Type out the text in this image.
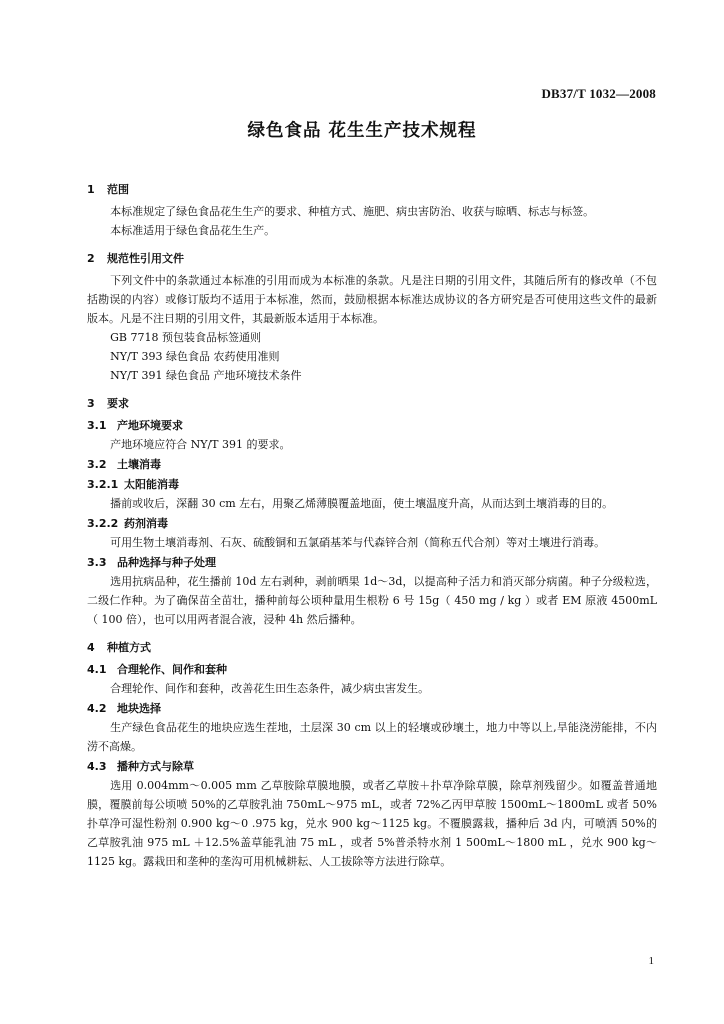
DB37/T 1032—2008
绿色食品 花生生产技术规程
1 范围

本标准规定了绿色食品花生生产的要求、种植方式、施肥、病虫害防治、收获与晾晒、标志与标签。

本标准适用于绿色食品花生生产。

2 规范性引用文件

下列文件中的条款通过本标准的引用而成为本标准的条款。凡是注日期的引用文件，其随后所有的修改单（不包括勘误的内容）或修订版均不适用于本标准，然而，鼓励根据本标准达成协议的各方研究是否可使用这些文件的最新版本。凡是不注日期的引用文件，其最新版本适用于本标准。

GB 7718 预包装食品标签通则

NY/T 393 绿色食品 农药使用准则

NY/T 391 绿色食品 产地环境技术条件

3 要求
3.1 产地环境要求

产地环境应符合 NY/T 391 的要求。

3.2 土壤消毒
3.2.1 太阳能消毒

播前或收后，深翻 30 cm 左右，用聚乙烯薄膜覆盖地面，使土壤温度升高，从而达到土壤消毒的目的。

3.2.2 药剂消毒

可用生物土壤消毒剂、石灰、硫酸铜和五氯硝基苯与代森锌合剂（简称五代合剂）等对土壤进行消毒。

3.3 品种选择与种子处理

选用抗病品种，花生播前 10d 左右剥种，剥前晒果 1d～3d，以提高种子活力和消灭部分病菌。种子分级粒选，二级仁作种。为了确保苗全苗壮，播种前每公顷种量用生根粉 6 号 15g（ 450 mg / kg ）或者 EM 原液 4500mL（ 100 倍），也可以用两者混合液，浸种 4h 然后播种。

4 种植方式
4.1 合理轮作、间作和套种

合理轮作、间作和套种，改善花生田生态条件，减少病虫害发生。

4.2 地块选择

生产绿色食品花生的地块应选生茬地，土层深 30 cm 以上的轻壤或砂壤土，地力中等以上,旱能浇涝能排，不内涝不高燥。

4.3 播种方式与除草

选用 0.004mm～0.005 mm 乙草胺除草膜地膜，或者乙草胺＋扑草净除草膜，除草剂残留少。如覆盖普通地膜，覆膜前每公顷喷 50%的乙草胺乳油 750mL～975 mL，或者 72%乙丙甲草胺 1500mL～1800mL 或者 50%扑草净可湿性粉剂 0.900 kg～0 .975 kg，兑水 900 kg～1125 kg。不覆膜露栽，播种后 3d 内，可喷洒 50%的乙草胺乳油 975 mL ＋12.5%盖草能乳油 75 mL ，或者 5%普杀特水剂 1 500mL～1800 mL ，兑水 900 kg～1125 kg。露栽田和垄种的垄沟可用机械耕耘、人工拔除等方法进行除草。

1
